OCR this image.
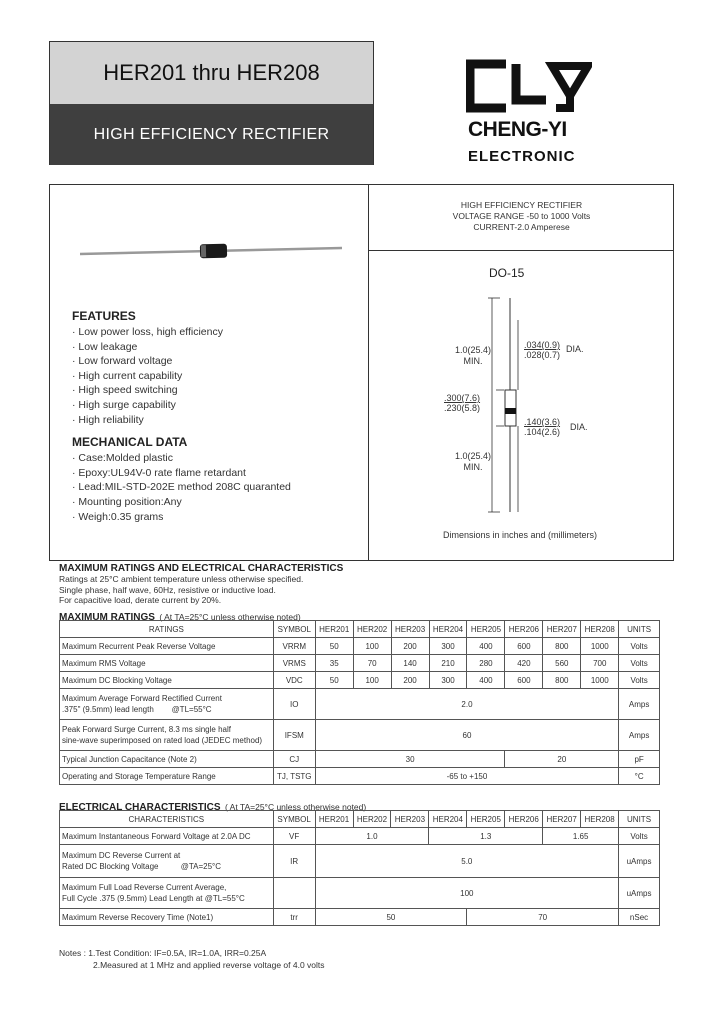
HER201 thru HER208
HIGH EFFICIENCY RECTIFIER	CHENG-YI
ELECTRONIC
HIGH EFFICIENCY RECTIFIER
VOLTAGE RANGE -50 to 1000 Volts
CURRENT-2.0 Amperese
DO-15
1.0(25.4)
MIN.
.034(0.9)
.028(0.7)
DIA.
.300(7.6)
.230(5.8)
.140(3.6)
.104(2.6) DIA.
1.0(25.4)
MIN.
Dimensions in inches and (millimeters)
FEATURES
· Low power loss, high efficiency
· Low leakage
· Low forward voltage
· High current capability
· High speed switching
· High surge capability
· High reliability
MECHANICAL DATA
· Case:Molded plastic
· Epoxy:UL94V-0 rate flame retardant
· Lead:MIL-STD-202E method 208C quaranted
· Mounting position:Any
· Weigh:0.35 grams
MAXIMUM RATINGS AND ELECTRICAL CHARACTERISTICS
Ratings at 25°C ambient temperature unless otherwise specified.
Single phase, half wave, 60Hz, resistive or inductive load.
For capacitive load, derate current by 20%.
MAXIMUM RATINGS ( At TA=25°C unless otherwise noted)
RATINGS	SYMBOL	HER201	HER202	HER203	HER204	HER205	HER206	HER207	HER208	UNITS
Maximum Recurrent Peak Reverse Voltage	VRRM	50	100	200	300	400	600	800	1000	Volts
Maximum RMS Voltage	VRMS	35	70	140	210	280	420	560	700	Volts
Maximum DC Blocking Voltage	VDC	50	100	200	300	400	600	800	1000	Volts

Maximum Average Forward Rectified Current
.375" (9.5mm) lead length @TL=55°C	IO	2.0								Amps

Peak Forward Surge Current, 8.3 ms single half
sine-wave superimposed on rated load (JEDEC method)	IFSM	60								Amps
Typical Junction Capacitance (Note 2)	CJ	30					20			pF
Operating and Storage Temperature Range	TJ, TSTG	-65 to +150								°C
ELECTRICAL CHARACTERISTICS ( At TA=25°C unless otherwise noted)
CHARACTERISTICS	SYMBOL	HER201	HER202	HER203	HER204	HER205	HER206	HER207	HER208	UNITS
Maximum Instantaneous Forward Voltage at 2.0A DC	VF	1.0			1.3			1.65		Volts

Maximum DC Reverse Current at
Rated DC Blocking Voltage @TA=25°C	IR	5.0								uAmps

Maximum Full Load Reverse Current Average,
Full Cycle .375 (9.5mm) Lead Length at @TL=55°C		100								uAmps
Maximum Reverse Recovery Time (Note1)	trr	50				70				nSec
Notes : 1.Test Condition: IF=0.5A, IR=1.0A, IRR=0.25A
2.Measured at 1 MHz and applied reverse voltage of 4.0 volts
